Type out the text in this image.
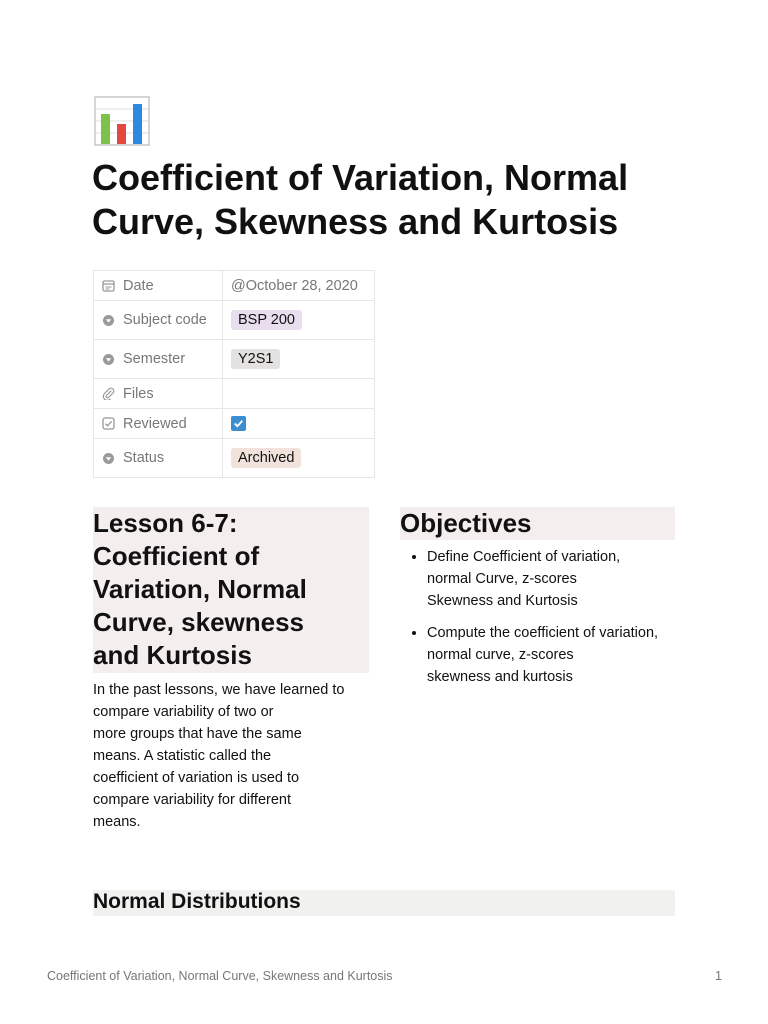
Coefficient of Variation, Normal
Curve, Skewness and Kurtosis
Date	@October 28, 2020

Subject code	BSP 200

Semester	Y2S1

Files	

Reviewed

Status	Archived
Lesson 6-7:
Coefficient of
Variation, Normal
Curve, skewness
and Kurtosis

In the past lessons, we have learned to
compare variability of two or
more groups that have the same
means. A statistic called the
coefficient of variation is used to
compare variability for different
means.

Objectives
• Define Coefficient of variation,
normal Curve, z-scores
Skewness and Kurtosis
• Compute the coefficient of variation,
normal curve, z-scores
skewness and kurtosis
Normal Distributions
Coefficient of Variation, Normal Curve, Skewness and Kurtosis	1
